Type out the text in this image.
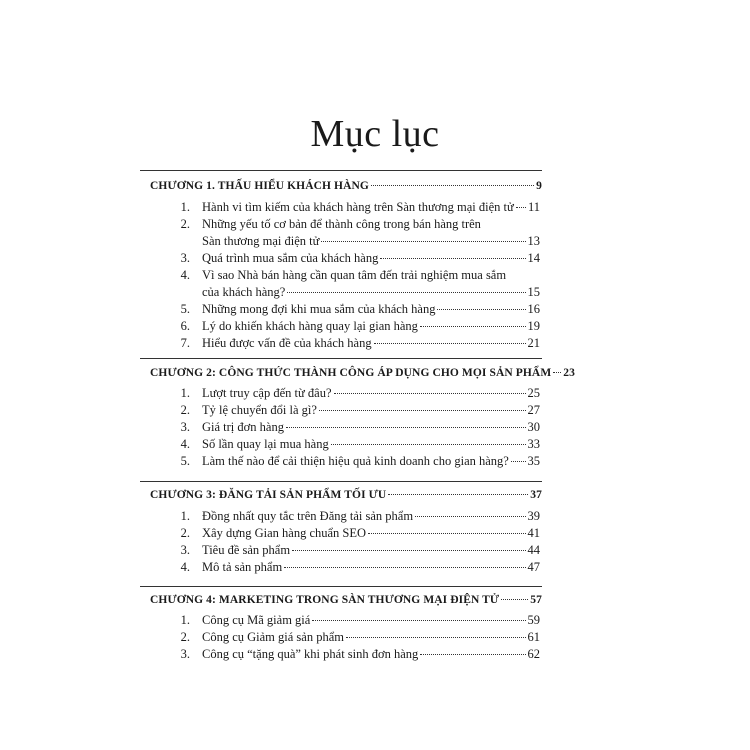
Mục lục
CHƯƠNG 1. THẤU HIỂU KHÁCH HÀNG	9
1. Hành vi tìm kiếm của khách hàng trên Sàn thương mại điện tử 11
2. Những yếu tố cơ bản để thành công trong bán hàng trên
Sàn thương mại điện tử	13
3. Quá trình mua sắm của khách hàng	14
4. Vì sao Nhà bán hàng cần quan tâm đến trải nghiệm mua sắm
của khách hàng?	15
5. Những mong đợi khi mua sắm của khách hàng	16
6. Lý do khiến khách hàng quay lại gian hàng	19
7. Hiểu được vấn đề của khách hàng	21
CHƯƠNG 2: CÔNG THỨC THÀNH CÔNG ÁP DỤNG CHO MỌI SẢN PHẨM 23
1. Lượt truy cập đến từ đâu?	25
2. Tỷ lệ chuyển đổi là gì?	27
3. Giá trị đơn hàng	30
4. Số lần quay lại mua hàng	33
5. Làm thế nào để cải thiện hiệu quả kinh doanh cho gian hàng? 35
CHƯƠNG 3: ĐĂNG TẢI SẢN PHẨM TỐI ƯU	37
1. Đồng nhất quy tắc trên Đăng tải sản phẩm	39
2. Xây dựng Gian hàng chuẩn SEO	41
3. Tiêu đề sản phẩm	44
4. Mô tả sản phẩm	47
CHƯƠNG 4: MARKETING TRONG SÀN THƯƠNG MẠI ĐIỆN TỬ	57
1. Công cụ Mã giảm giá	59
2. Công cụ Giảm giá sản phẩm	61
3. Công cụ “tặng quà” khi phát sinh đơn hàng	62
